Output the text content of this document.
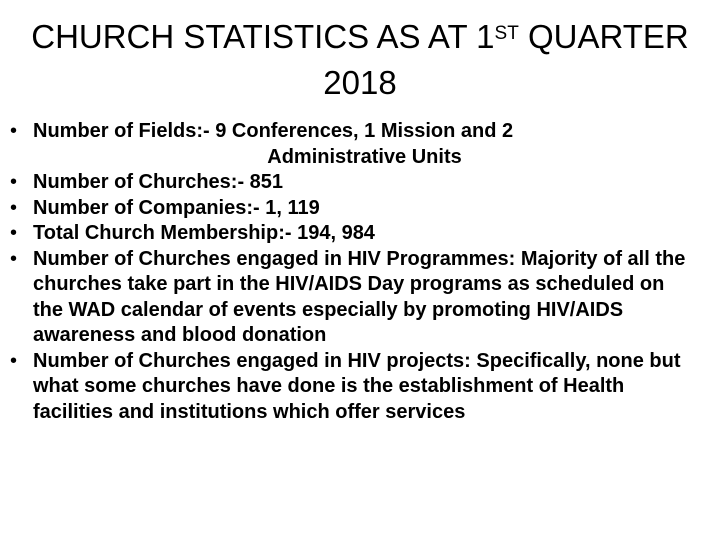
CHURCH STATISTICS AS AT 1ST QUARTER
2018
• Number of Fields:- 9 Conferences, 1 Mission and 2
Administrative Units
• Number of Churches:- 851
• Number of Companies:- 1, 119
• Total Church Membership:- 194, 984
• Number of Churches engaged in HIV Programmes: Majority of all the churches take part in the HIV/AIDS Day programs as scheduled on the WAD calendar of events especially by promoting HIV/AIDS awareness and blood donation
• Number of Churches engaged in HIV projects: Specifically, none but what some churches have done is the establishment of Health facilities and institutions which offer services
